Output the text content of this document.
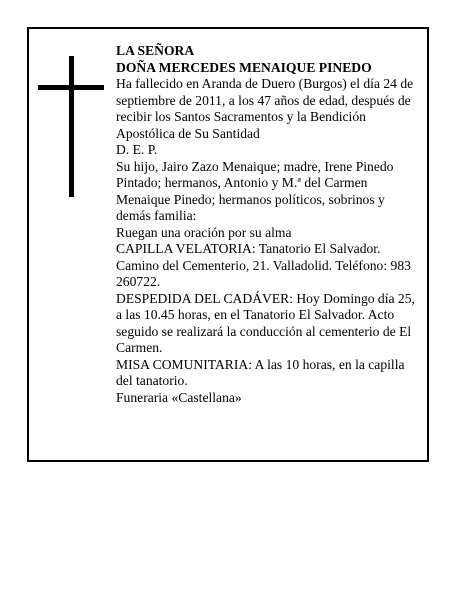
LA SEÑORA

DOÑA MERCEDES MENAIQUE PINEDO

Ha fallecido en Aranda de Duero (Burgos) el día 24 de septiembre de 2011, a los 47 años de edad, después de recibir los Santos Sacramentos y la Bendición Apostólica de Su Santidad

D. E. P.

Su hijo, Jairo Zazo Menaique; madre, Irene Pinedo Pintado; hermanos, Antonio y M.ª del Carmen Menaique Pinedo; hermanos políticos, sobrinos y demás familia:

Ruegan una oración por su alma

CAPILLA VELATORIA: Tanatorio El Salvador. Camino del Cementerio, 21. Valladolid. Teléfono: 983 260722.

DESPEDIDA DEL CADÁVER: Hoy Domingo día 25, a las 10.45 horas, en el Tanatorio El Salvador. Acto seguido se realizará la conducción al cementerio de El Carmen.

MISA COMUNITARIA: A las 10 horas, en la capilla del tanatorio.

Funeraria «Castellana»
